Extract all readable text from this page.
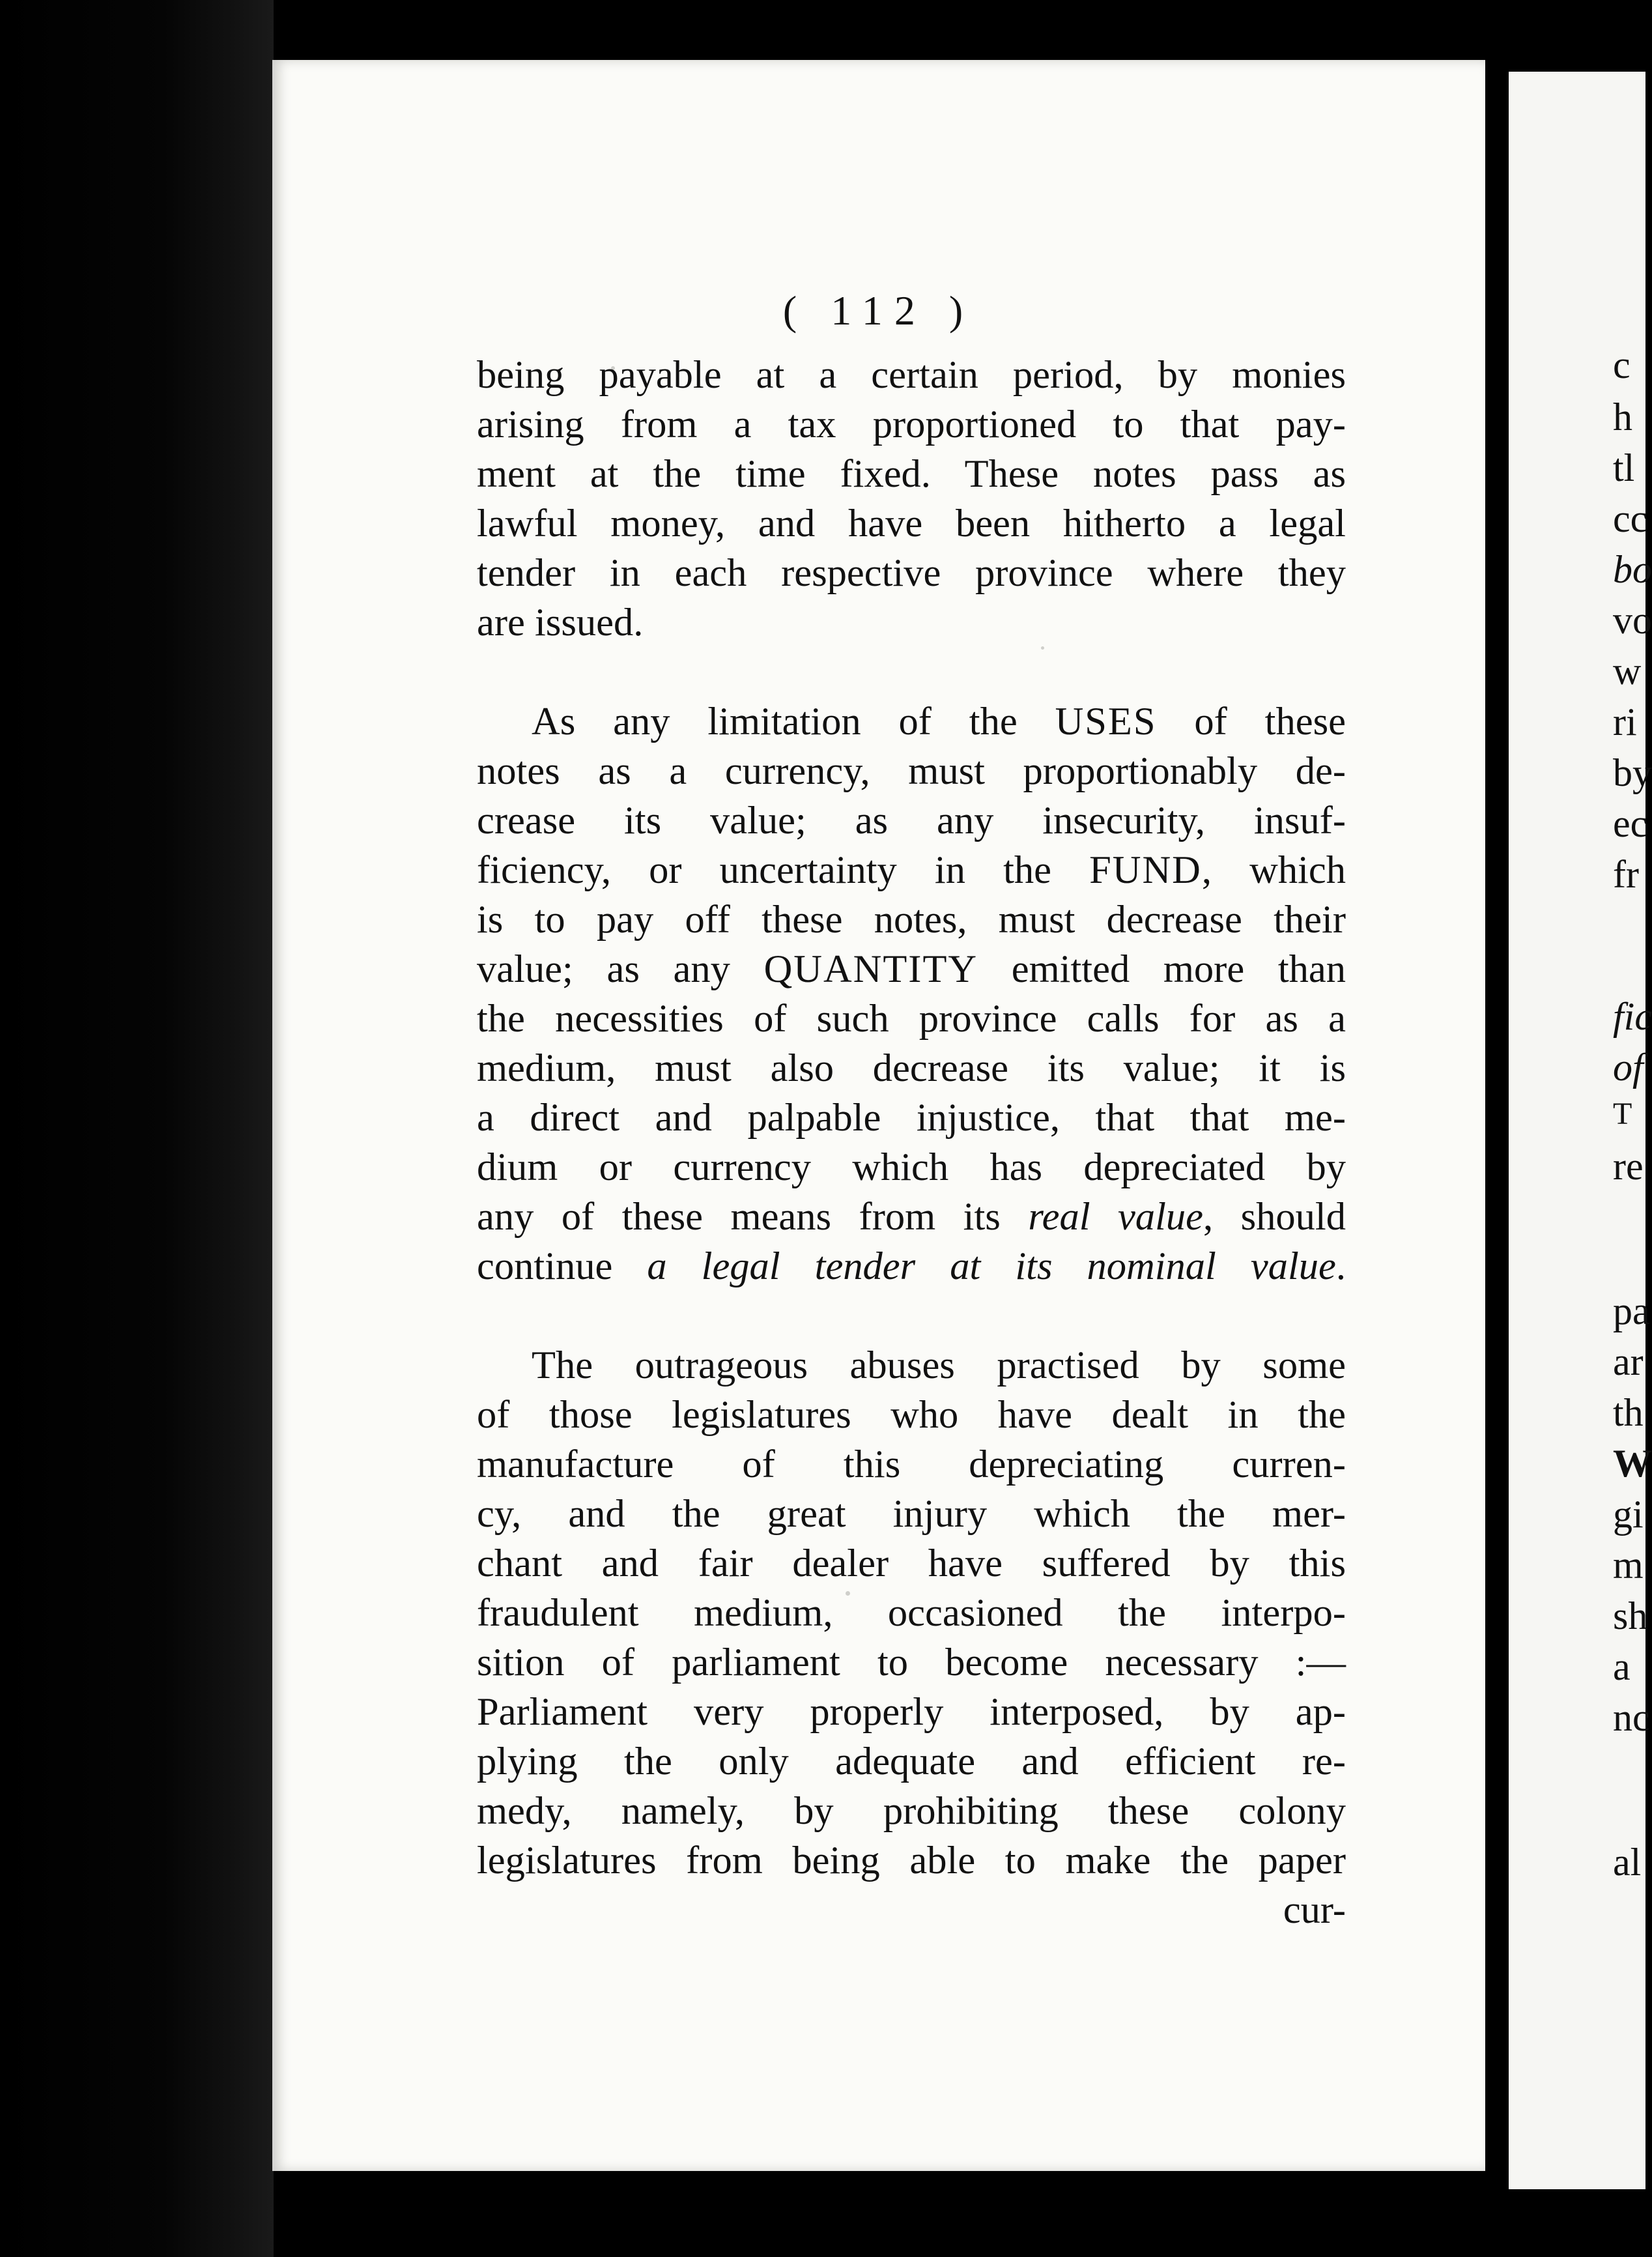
( 112 )

being payable at a certain period, by monies
arising from a tax proportioned to that pay-
ment at the time fixed. These notes pass as
lawful money, and have been hitherto a legal
tender in each respective province where they
are issued.

As any limitation of the USES of these
notes as a currency, must proportionably de-
crease its value; as any insecurity, insuf-
ficiency, or uncertainty in the FUND, which
is to pay off these notes, must decrease their
value; as any QUANTITY emitted more than
the necessities of such province calls for as a
medium, must also decrease its value; it is
a direct and palpable injustice, that that me-
dium or currency which has depreciated by
any of these means from its real value, should
continue a legal tender at its nominal value.

The outrageous abuses practised by some
of those legislatures who have dealt in the
manufacture of this depreciating curren-
cy, and the great injury which the mer-
chant and fair dealer have suffered by this
fraudulent medium, occasioned the interpo-
sition of parliament to become necessary :—
Parliament very properly interposed, by ap-
plying the only adequate and efficient re-
medy, namely, by prohibiting these colony
legislatures from being able to make the paper
cur-

c
h
tl
cc
bo
vo
w
ri
by
ec
fr
fic
of
T
re
pa
ar
th
W
gi
m
sh
a
nc
al
